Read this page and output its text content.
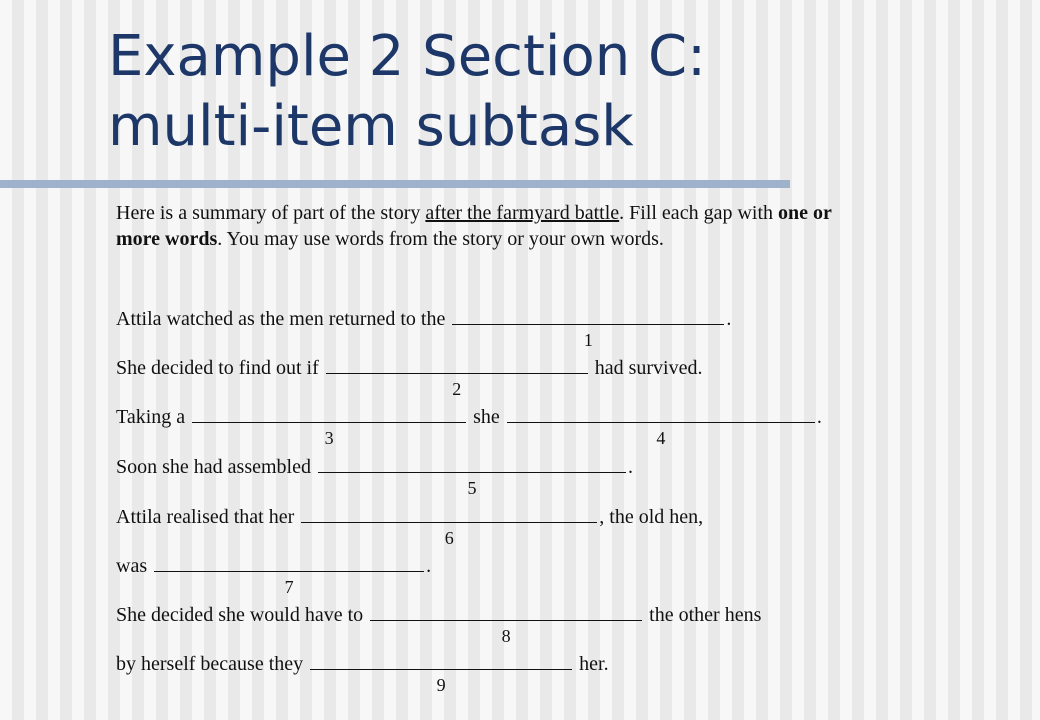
Example 2 Section C:
multi-item subtask

Here is a summary of part of the story after the farmyard battle. Fill each gap with one or more words. You may use words from the story or your own words.

Attila watched as the men returned to the
1
.
She decided to find out if
2
had survived.
Taking a
3
she
4
.
Soon she had assembled
5
.
Attila realised that her
6
, the old hen,
was
7
.
She decided she would have to
8
the other hens
by herself because they
9
her.
